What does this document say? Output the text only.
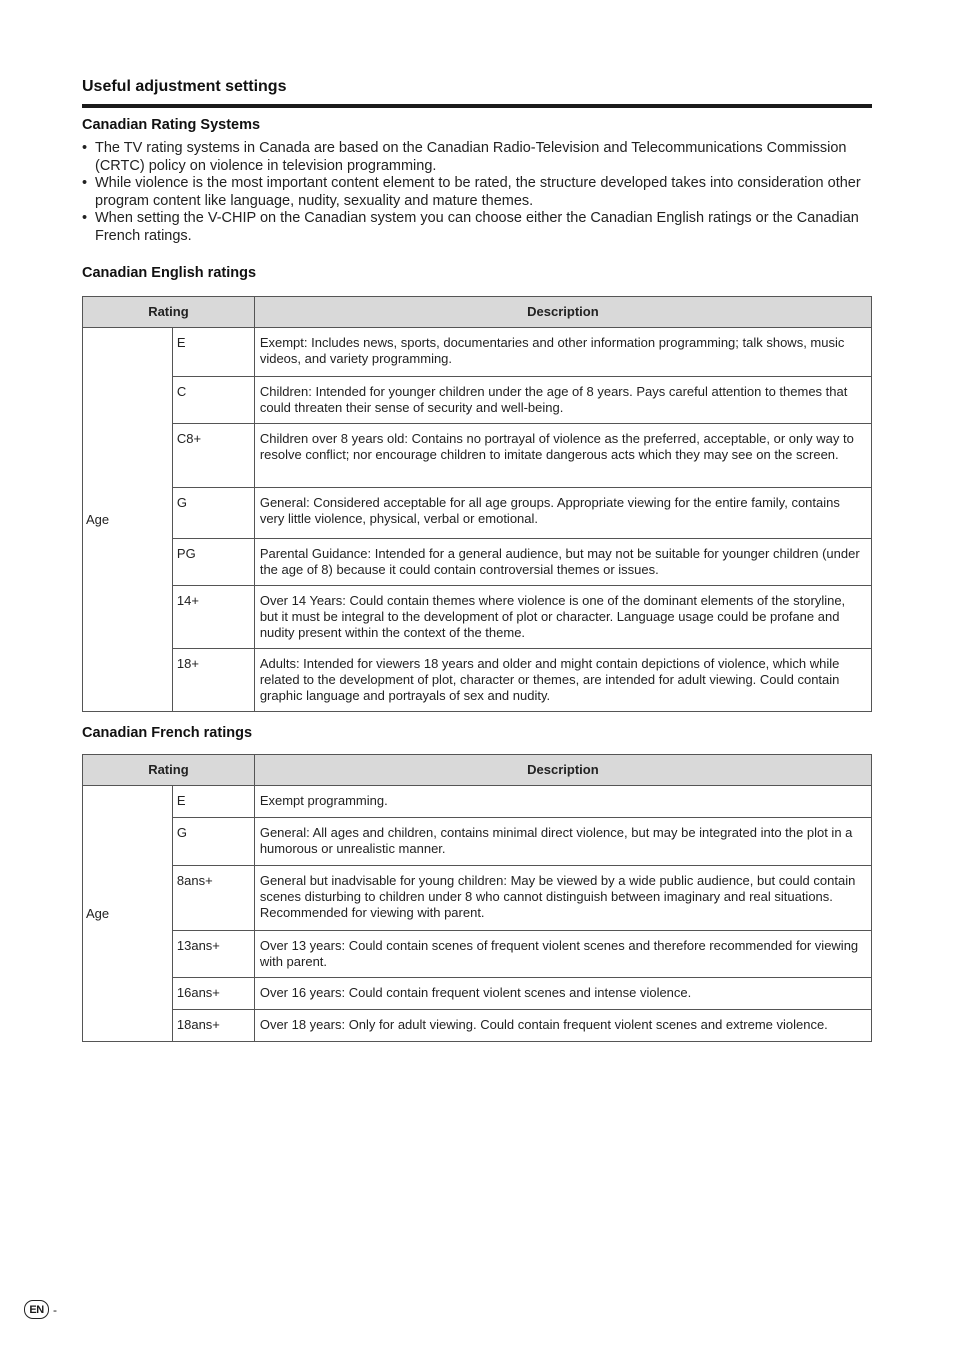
Useful adjustment settings
Canadian Rating Systems
• The TV rating systems in Canada are based on the Canadian Radio-Television and Telecommunications Commission (CRTC) policy on violence in television programming.
• While violence is the most important content element to be rated, the structure developed takes into consideration other program content like language, nudity, sexuality and mature themes.
• When setting the V-CHIP on the Canadian system you can choose either the Canadian English ratings or the Canadian French ratings.
Canadian English ratings
Rating		Description
Age	E	Exempt: Includes news, sports, documentaries and other information programming; talk shows, music videos, and variety programming.
	C	Children: Intended for younger children under the age of 8 years. Pays careful attention to themes that could threaten their sense of security and well-being.
	C8+	Children over 8 years old: Contains no portrayal of violence as the preferred, acceptable, or only way to resolve conflict; nor encourage children to imitate dangerous acts which they may see on the screen.
	G	General: Considered acceptable for all age groups. Appropriate viewing for the entire family, contains very little violence, physical, verbal or emotional.
	PG	Parental Guidance: Intended for a general audience, but may not be suitable for younger children (under the age of 8) because it could contain controversial themes or issues.
	14+	Over 14 Years: Could contain themes where violence is one of the dominant elements of the storyline, but it must be integral to the development of plot or character. Language usage could be profane and nudity present within the context of the theme.
	18+	Adults: Intended for viewers 18 years and older and might contain depictions of violence, which while related to the development of plot, character or themes, are intended for adult viewing. Could contain graphic language and portrayals of sex and nudity.
Canadian French ratings
Rating		Description
Age	E	Exempt programming.
	G	General: All ages and children, contains minimal direct violence, but may be integrated into the plot in a humorous or unrealistic manner.
	8ans+	General but inadvisable for young children: May be viewed by a wide public audience, but could contain scenes disturbing to children under 8 who cannot distinguish between imaginary and real situations. Recommended for viewing with parent.
	13ans+	Over 13 years: Could contain scenes of frequent violent scenes and therefore recommended for viewing with parent.
	16ans+	Over 16 years: Could contain frequent violent scenes and intense violence.
	18ans+	Over 18 years: Only for adult viewing. Could contain frequent violent scenes and extreme violence.
EN -
